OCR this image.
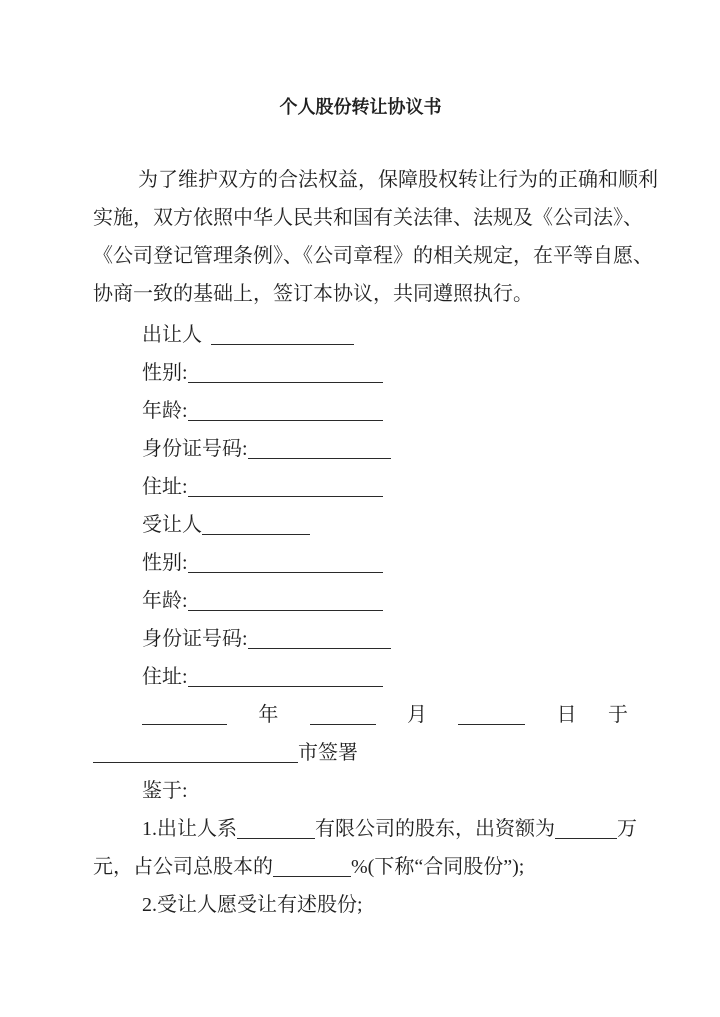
个人股份转让协议书
为了维护双方的合法权益，保障股权转让行为的正确和顺利
实施，双方依照中华人民共和国有关法律、法规及《公司法》、
《公司登记管理条例》、《公司章程》的相关规定，在平等自愿、
协商一致的基础上，签订本协议，共同遵照执行。
出让人
性别:
年龄:
身份证号码:
住址:
受让人
性别:
年龄:
身份证号码:
住址:
年	月	日 于
市签署
鉴于:
1.出让人系	有限公司的股东，出资额为	万
元，占公司总股本的	%(下称“合同股份”);
2.受让人愿受让有述股份;
